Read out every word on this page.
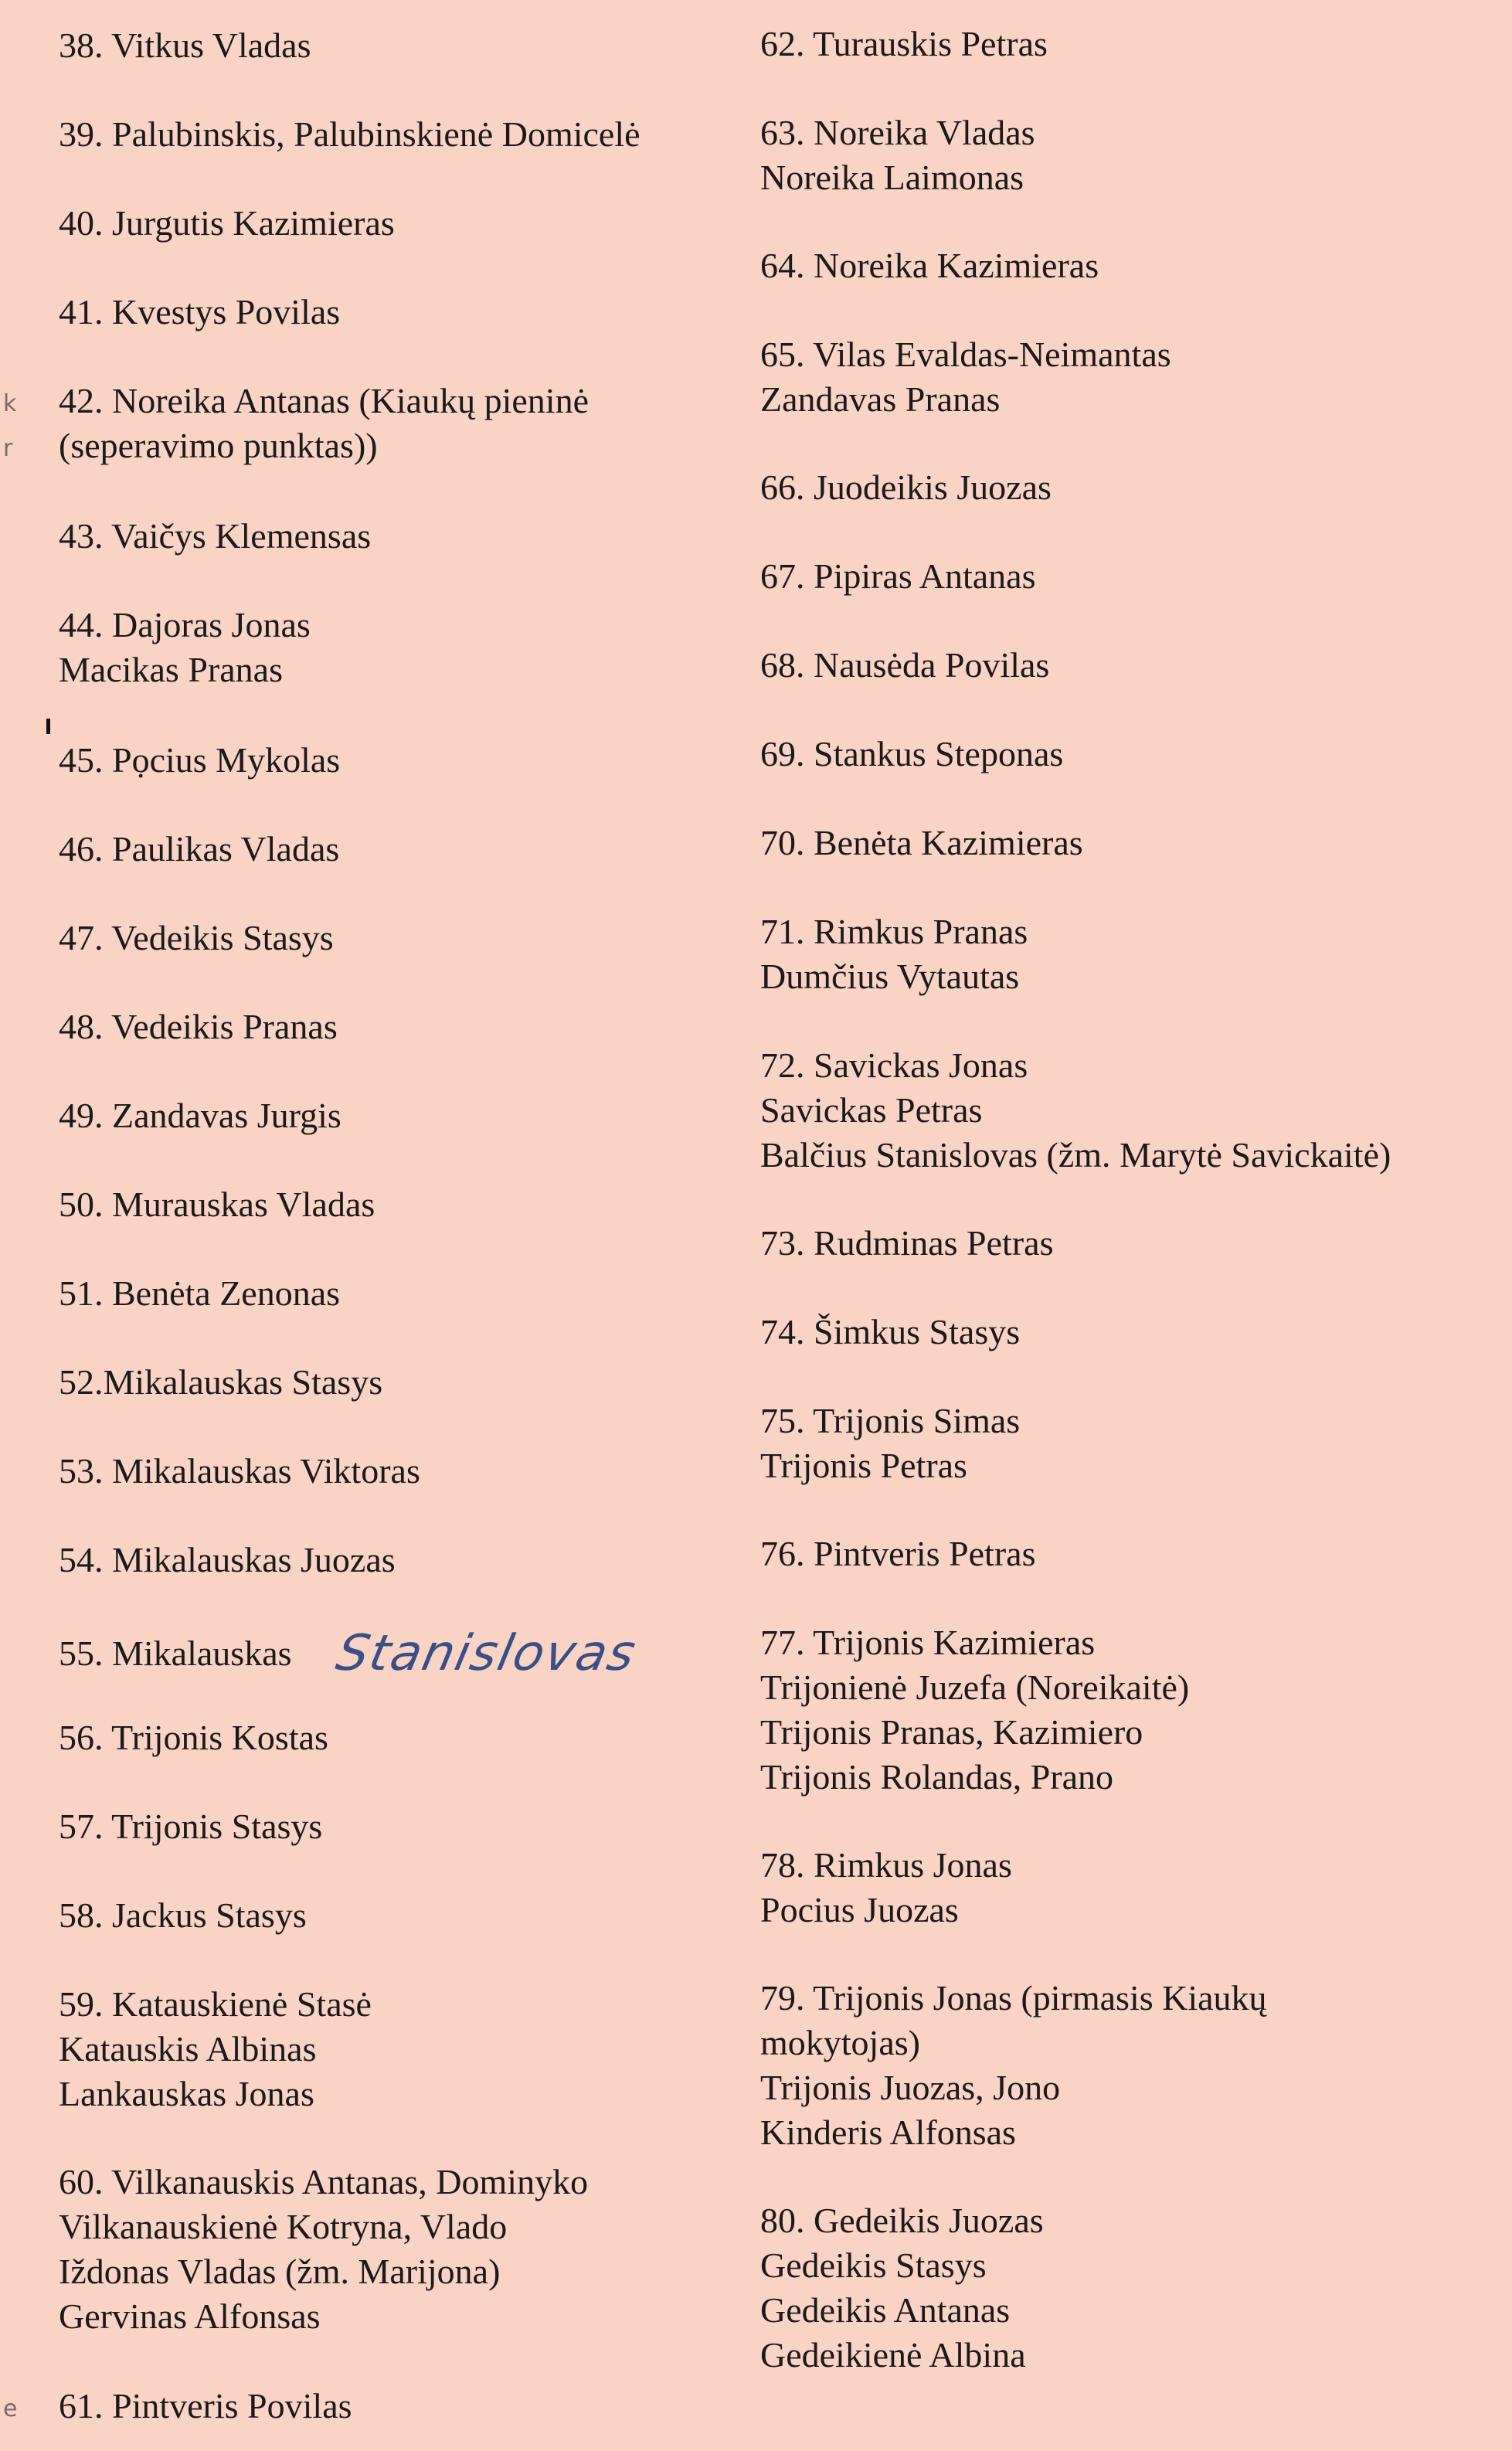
k
r
e
38. Vitkus Vladas
39. Palubinskis, Palubinskienė Domicelė
40. Jurgutis Kazimieras
41. Kvestys Povilas
42. Noreika Antanas (Kiaukų pieninė
(seperavimo punktas))
43. Vaičys Klemensas
44. Dajoras Jonas
Macikas Pranas
45. Pọcius Mykolas
46. Paulikas Vladas
47. Vedeikis Stasys
48. Vedeikis Pranas
49. Zandavas Jurgis
50. Murauskas Vladas
51. Benėta Zenonas
52.Mikalauskas Stasys
53. Mikalauskas Viktoras
54. Mikalauskas Juozas
55. Mikalauskas Stanislovas
56. Trijonis Kostas
57. Trijonis Stasys
58. Jackus Stasys
59. Katauskienė Stasė
Katauskis Albinas
Lankauskas Jonas
60. Vilkanauskis Antanas, Dominyko
Vilkanauskienė Kotryna, Vlado
Iždonas Vladas (žm. Marijona)
Gervinas Alfonsas
61. Pintveris Povilas
62. Turauskis Petras
63. Noreika Vladas
Noreika Laimonas
64. Noreika Kazimieras
65. Vilas Evaldas-Neimantas
Zandavas Pranas
66. Juodeikis Juozas
67. Pipiras Antanas
68. Nausėda Povilas
69. Stankus Steponas
70. Benėta Kazimieras
71. Rimkus Pranas
Dumčius Vytautas
72. Savickas Jonas
Savickas Petras
Balčius Stanislovas (žm. Marytė Savickaitė)
73. Rudminas Petras
74. Šimkus Stasys
75. Trijonis Simas
Trijonis Petras
76. Pintveris Petras
77. Trijonis Kazimieras
Trijonienė Juzefa (Noreikaitė)
Trijonis Pranas, Kazimiero
Trijonis Rolandas, Prano
78. Rimkus Jonas
Pocius Juozas
79. Trijonis Jonas (pirmasis Kiaukų
mokytojas)
Trijonis Juozas, Jono
Kinderis Alfonsas
80. Gedeikis Juozas
Gedeikis Stasys
Gedeikis Antanas
Gedeikienė Albina
